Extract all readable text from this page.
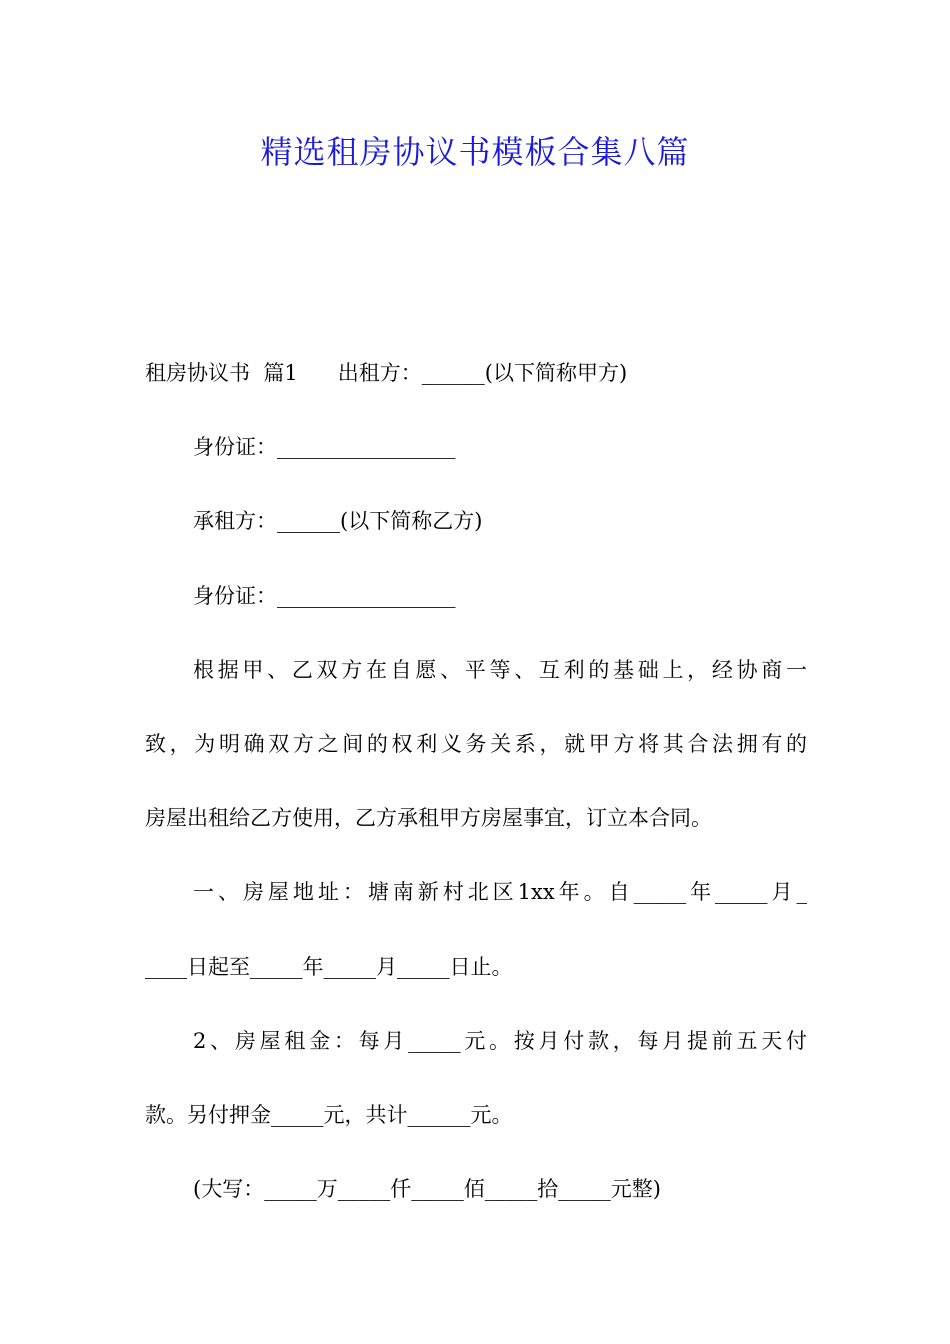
精选租房协议书模板合集八篇
租房协议书  篇1      出租方：______(以下简称甲方)
身份证：_________________
承租方：______(以下简称乙方)
身份证：_________________
根据甲、乙双方在自愿、平等、互利的基础上，经协商一
致，为明确双方之间的权利义务关系，就甲方将其合法拥有的
房屋出租给乙方使用，乙方承租甲方房屋事宜，订立本合同。
一、房屋地址：塘南新村北区1xx年。自_____年_____月_
____日起至_____年_____月_____日止。
2、房屋租金：每月_____元。按月付款，每月提前五天付
款。另付押金_____元，共计______元。
(大写：_____万_____仟_____佰_____拾_____元整)
